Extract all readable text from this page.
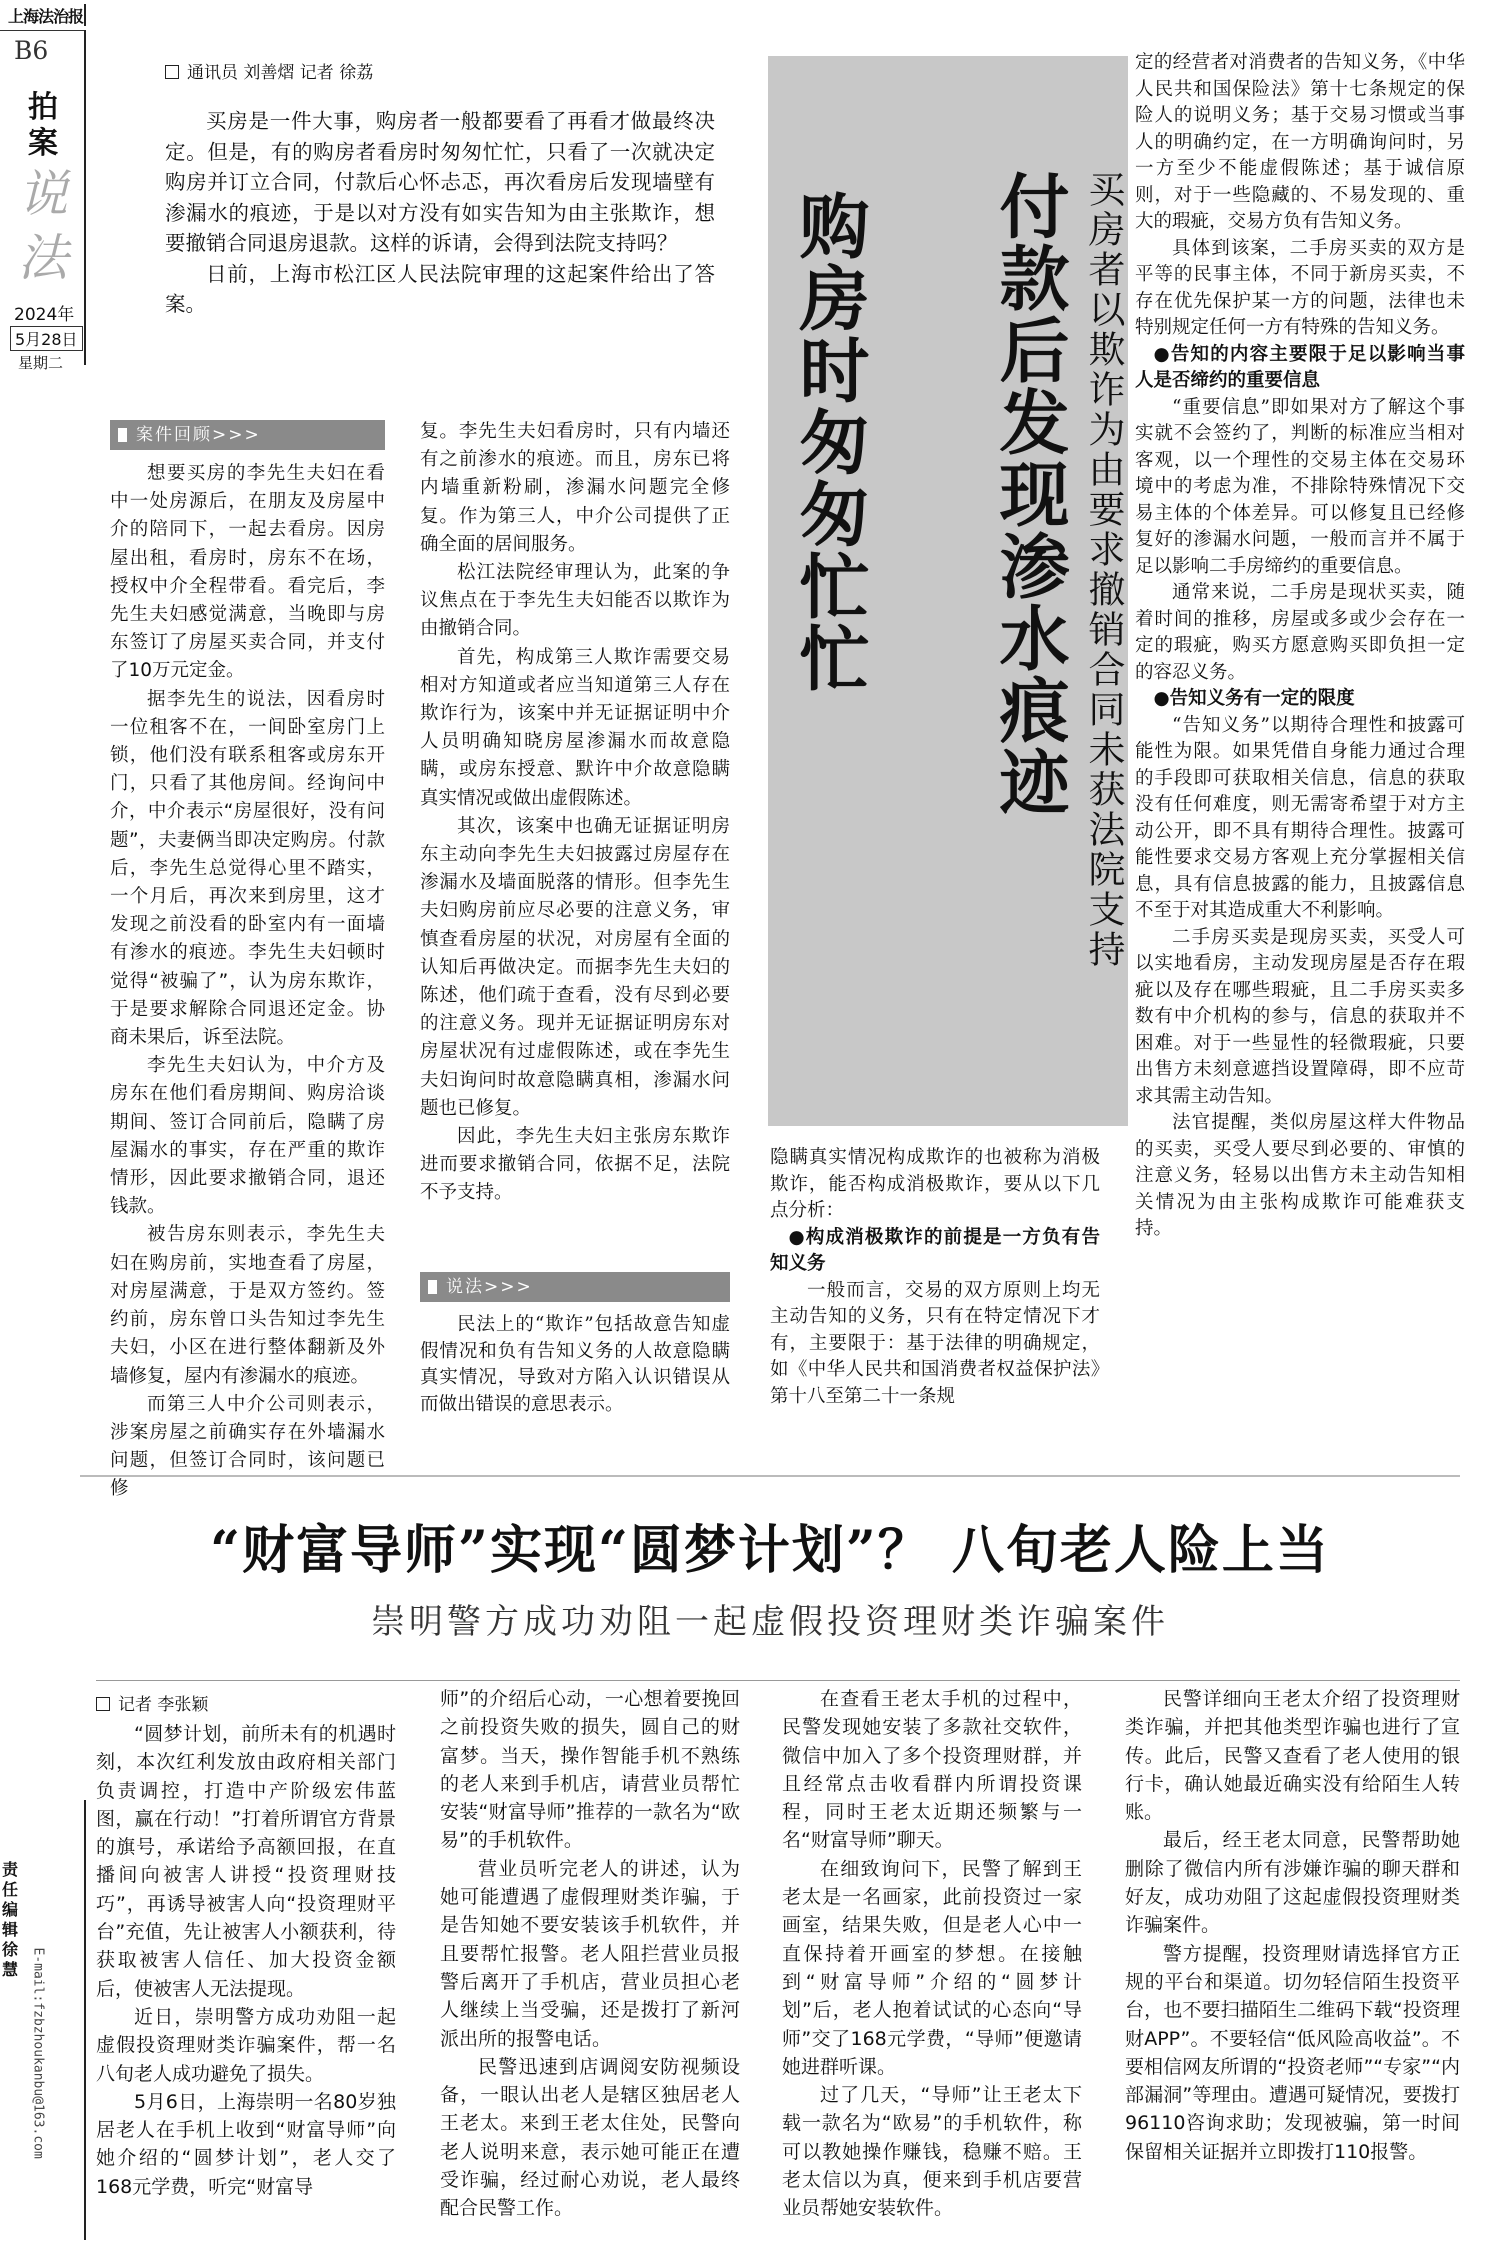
上海法治报
B6
拍
案
说
法
2024年
5月28日
星期二
责任编辑 徐慧 E-mail:fzbzhoukanbu@163.com
通讯员 刘善熠 记者 徐荔

买房是一件大事，购房者一般都要看了再看才做最终决定。但是，有的购房者看房时匆匆忙忙，只看了一次就决定购房并订立合同，付款后心怀忐忑，再次看房后发现墙壁有渗漏水的痕迹，于是以对方没有如实告知为由主张欺诈，想要撤销合同退房退款。这样的诉请，会得到法院支持吗？

日前，上海市松江区人民法院审理的这起案件给出了答案。	付款后发现渗水痕迹
购房时匆匆忙忙	买房者以欺诈为由要求撤销合同未获法院支持
案件回顾>>>

想要买房的李先生夫妇在看中一处房源后，在朋友及房屋中介的陪同下，一起去看房。因房屋出租，看房时，房东不在场，授权中介全程带看。看完后，李先生夫妇感觉满意，当晚即与房东签订了房屋买卖合同，并支付了10万元定金。

据李先生的说法，因看房时一位租客不在，一间卧室房门上锁，他们没有联系租客或房东开门，只看了其他房间。经询问中介，中介表示“房屋很好，没有问题”，夫妻俩当即决定购房。付款后，李先生总觉得心里不踏实，一个月后，再次来到房里，这才发现之前没看的卧室内有一面墙有渗水的痕迹。李先生夫妇顿时觉得“被骗了”，认为房东欺诈，于是要求解除合同退还定金。协商未果后，诉至法院。

李先生夫妇认为，中介方及房东在他们看房期间、购房洽谈期间、签订合同前后，隐瞒了房屋漏水的事实，存在严重的欺诈情形，因此要求撤销合同，退还钱款。

被告房东则表示，李先生夫妇在购房前，实地查看了房屋，对房屋满意，于是双方签约。签约前，房东曾口头告知过李先生夫妇，小区在进行整体翻新及外墙修复，屋内有渗漏水的痕迹。

而第三人中介公司则表示，涉案房屋之前确实存在外墙漏水问题，但签订合同时，该问题已修

复。李先生夫妇看房时，只有内墙还有之前渗水的痕迹。而且，房东已将内墙重新粉刷，渗漏水问题完全修复。作为第三人，中介公司提供了正确全面的居间服务。

松江法院经审理认为，此案的争议焦点在于李先生夫妇能否以欺诈为由撤销合同。

首先，构成第三人欺诈需要交易相对方知道或者应当知道第三人存在欺诈行为，该案中并无证据证明中介人员明确知晓房屋渗漏水而故意隐瞒，或房东授意、默许中介故意隐瞒真实情况或做出虚假陈述。

其次，该案中也确无证据证明房东主动向李先生夫妇披露过房屋存在渗漏水及墙面脱落的情形。但李先生夫妇购房前应尽必要的注意义务，审慎查看房屋的状况，对房屋有全面的认知后再做决定。而据李先生夫妇的陈述，他们疏于查看，没有尽到必要的注意义务。现并无证据证明房东对房屋状况有过虚假陈述，或在李先生夫妇询问时故意隐瞒真相，渗漏水问题也已修复。

因此，李先生夫妇主张房东欺诈进而要求撤销合同，依据不足，法院不予支持。

说法>>>

民法上的“欺诈”包括故意告知虚假情况和负有告知义务的人故意隐瞒真实情况，导致对方陷入认识错误从而做出错误的意思表示。

隐瞒真实情况构成欺诈的也被称为消极欺诈，能否构成消极欺诈，要从以下几点分析：

●构成消极欺诈的前提是一方负有告知义务

一般而言，交易的双方原则上均无主动告知的义务，只有在特定情况下才有，主要限于：基于法律的明确规定，如《中华人民共和国消费者权益保护法》第十八至第二十一条规

定的经营者对消费者的告知义务，《中华人民共和国保险法》第十七条规定的保险人的说明义务；基于交易习惯或当事人的明确约定，在一方明确询问时，另一方至少不能虚假陈述；基于诚信原则，对于一些隐藏的、不易发现的、重大的瑕疵，交易方负有告知义务。

具体到该案，二手房买卖的双方是平等的民事主体，不同于新房买卖，不存在优先保护某一方的问题，法律也未特别规定任何一方有特殊的告知义务。

●告知的内容主要限于足以影响当事人是否缔约的重要信息

“重要信息”即如果对方了解这个事实就不会签约了，判断的标准应当相对客观，以一个理性的交易主体在交易环境中的考虑为准，不排除特殊情况下交易主体的个体差异。可以修复且已经修复好的渗漏水问题，一般而言并不属于足以影响二手房缔约的重要信息。

通常来说，二手房是现状买卖，随着时间的推移，房屋或多或少会存在一定的瑕疵，购买方愿意购买即负担一定的容忍义务。

●告知义务有一定的限度

“告知义务”以期待合理性和披露可能性为限。如果凭借自身能力通过合理的手段即可获取相关信息，信息的获取没有任何难度，则无需寄希望于对方主动公开，即不具有期待合理性。披露可能性要求交易方客观上充分掌握相关信息，具有信息披露的能力，且披露信息不至于对其造成重大不利影响。

二手房买卖是现房买卖，买受人可以实地看房，主动发现房屋是否存在瑕疵以及存在哪些瑕疵，且二手房买卖多数有中介机构的参与，信息的获取并不困难。对于一些显性的轻微瑕疵，只要出售方未刻意遮挡设置障碍，即不应苛求其需主动告知。

法官提醒，类似房屋这样大件物品的买卖，买受人要尽到必要的、审慎的注意义务，轻易以出售方未主动告知相关情况为由主张构成欺诈可能难获支持。

“财富导师”实现“圆梦计划”？ 八旬老人险上当
崇明警方成功劝阻一起虚假投资理财类诈骗案件
记者 李张颖

“圆梦计划，前所未有的机遇时刻，本次红利发放由政府相关部门负责调控，打造中产阶级宏伟蓝图，赢在行动！”打着所谓官方背景的旗号，承诺给予高额回报，在直播间向被害人讲授“投资理财技巧”，再诱导被害人向“投资理财平台”充值，先让被害人小额获利，待获取被害人信任、加大投资金额后，使被害人无法提现。

近日，崇明警方成功劝阻一起虚假投资理财类诈骗案件，帮一名八旬老人成功避免了损失。

5月6日，上海崇明一名80岁独居老人在手机上收到“财富导师”向她介绍的“圆梦计划”，老人交了168元学费，听完“财富导

师”的介绍后心动，一心想着要挽回之前投资失败的损失，圆自己的财富梦。当天，操作智能手机不熟练的老人来到手机店，请营业员帮忙安装“财富导师”推荐的一款名为“欧易”的手机软件。

营业员听完老人的讲述，认为她可能遭遇了虚假理财类诈骗，于是告知她不要安装该手机软件，并且要帮忙报警。老人阻拦营业员报警后离开了手机店，营业员担心老人继续上当受骗，还是拨打了新河派出所的报警电话。

民警迅速到店调阅安防视频设备，一眼认出老人是辖区独居老人王老太。来到王老太住处，民警向老人说明来意，表示她可能正在遭受诈骗，经过耐心劝说，老人最终配合民警工作。

在查看王老太手机的过程中，民警发现她安装了多款社交软件，微信中加入了多个投资理财群，并且经常点击收看群内所谓投资课程，同时王老太近期还频繁与一名“财富导师”聊天。

在细致询问下，民警了解到王老太是一名画家，此前投资过一家画室，结果失败，但是老人心中一直保持着开画室的梦想。在接触到“财富导师”介绍的“圆梦计划”后，老人抱着试试的心态向“导师”交了168元学费，“导师”便邀请她进群听课。

过了几天，“导师”让王老太下载一款名为“欧易”的手机软件，称可以教她操作赚钱，稳赚不赔。王老太信以为真，便来到手机店要营业员帮她安装软件。

民警详细向王老太介绍了投资理财类诈骗，并把其他类型诈骗也进行了宣传。此后，民警又查看了老人使用的银行卡，确认她最近确实没有给陌生人转账。

最后，经王老太同意，民警帮助她删除了微信内所有涉嫌诈骗的聊天群和好友，成功劝阻了这起虚假投资理财类诈骗案件。

警方提醒，投资理财请选择官方正规的平台和渠道。切勿轻信陌生投资平台，也不要扫描陌生二维码下载“投资理财APP”。不要轻信“低风险高收益”。不要相信网友所谓的“投资老师”“专家”“内部漏洞”等理由。遭遇可疑情况，要拨打96110咨询求助；发现被骗，第一时间保留相关证据并立即拨打110报警。
